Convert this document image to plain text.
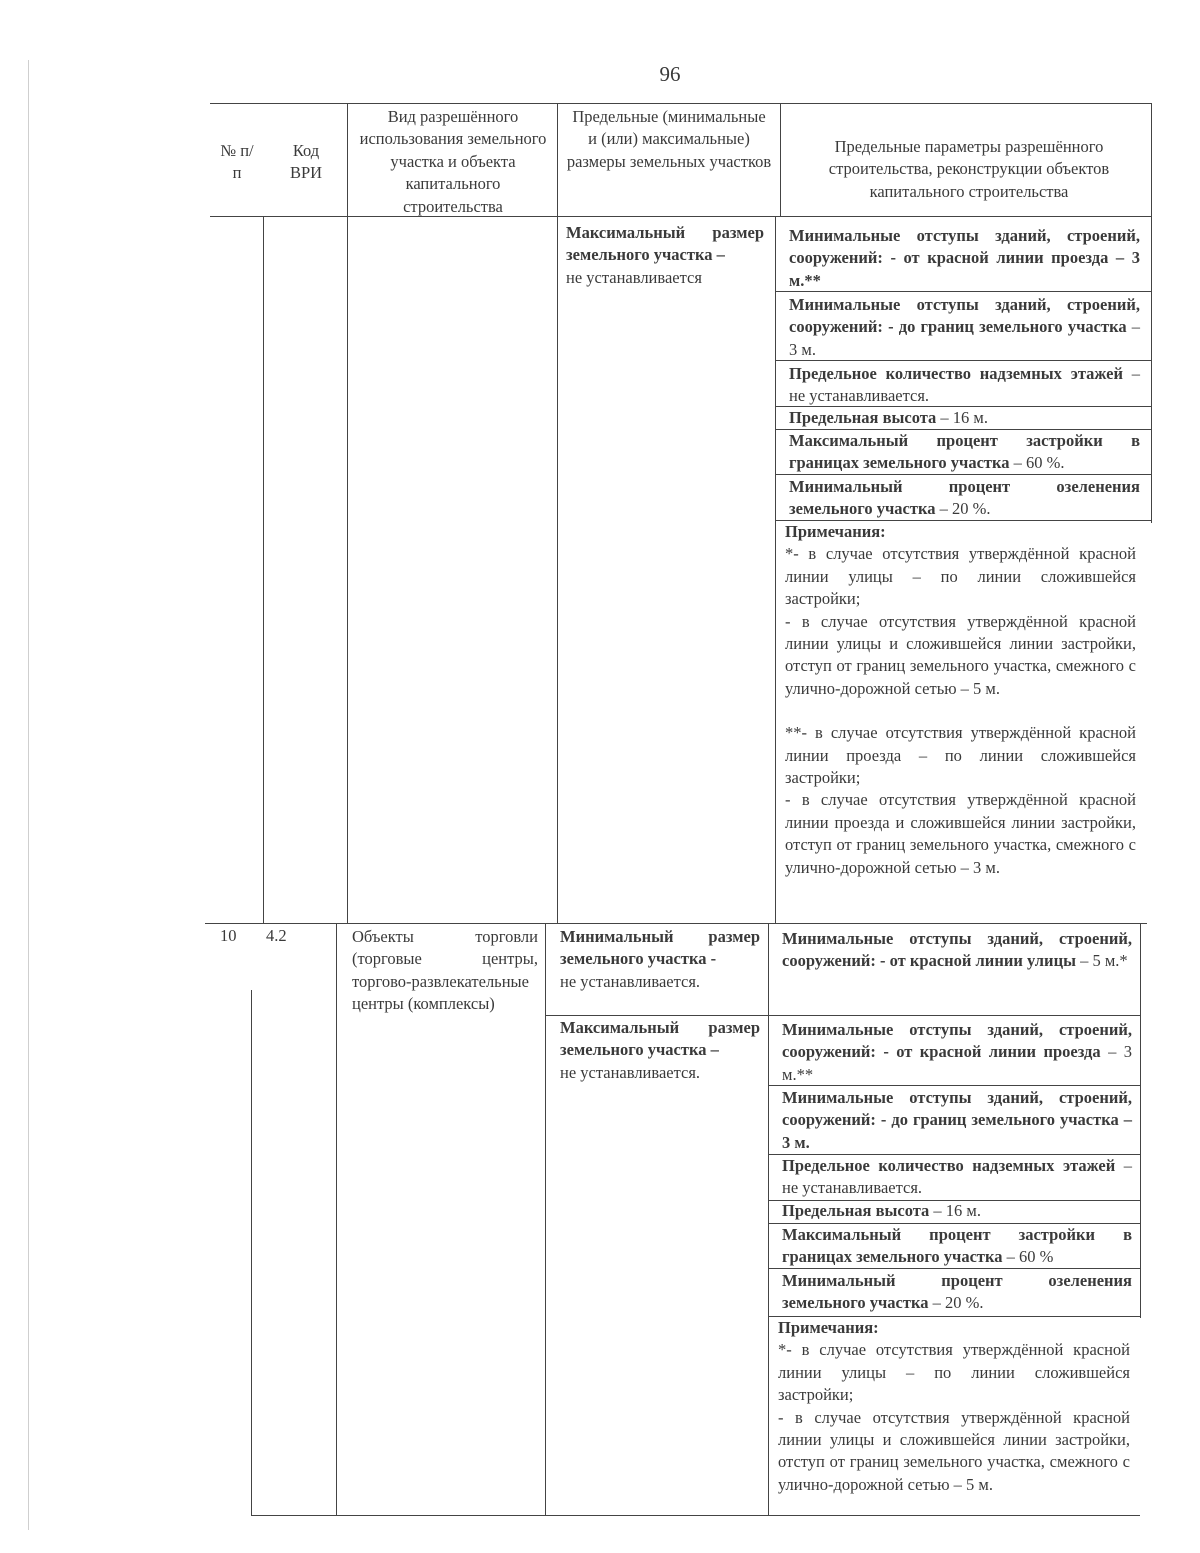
96
№ п/п
Код ВРИ
Вид разрешённого использования земельного участка и объекта капитального строительства
Предельные (минимальные и (или) максимальные) размеры земельных участков
Предельные параметры разрешённого строительства, реконструкции объектов капитального строительства
Максимальный размер земельного участка –
не устанавливается
Минимальные отступы зданий, строений, сооружений: - от красной линии проезда – 3 м.**
Минимальные отступы зданий, строений, сооружений: - до границ земельного участка – 3 м.
Предельное количество надземных этажей – не устанавливается.
Предельная высота – 16 м.
Максимальный процент застройки в границах земельного участка – 60 %.
Минимальный процент озеленения земельного участка – 20 %.
Примечания:

*- в случае отсутствия утверждённой красной линии улицы – по линии сложившейся застройки;

- в случае отсутствия утверждённой красной линии улицы и сложившейся линии застройки, отступ от границ земельного участка, смежного с улично-дорожной сетью – 5 м.

**- в случае отсутствия утверждённой красной линии проезда – по линии сложившейся застройки;

- в случае отсутствия утверждённой красной линии проезда и сложившейся линии застройки, отступ от границ земельного участка, смежного с улично-дорожной сетью – 3 м.

10 4.2	Объекты торговли (торговые центры, торгово-развлекательные центры (комплексы)
Минимальный размер земельного участка -
не устанавливается.
Максимальный размер земельного участка –
не устанавливается.
Минимальные отступы зданий, строений, сооружений: - от красной линии улицы – 5 м.*
Минимальные отступы зданий, строений, сооружений: - от красной линии проезда – 3 м.**
Минимальные отступы зданий, строений, сооружений: - до границ земельного участка – 3 м.
Предельное количество надземных этажей – не устанавливается.
Предельная высота – 16 м.
Максимальный процент застройки в границах земельного участка – 60 %
Минимальный процент озеленения земельного участка – 20 %.
Примечания:

*- в случае отсутствия утверждённой красной линии улицы – по линии сложившейся застройки;

- в случае отсутствия утверждённой красной линии улицы и сложившейся линии застройки, отступ от границ земельного участка, смежного с улично-дорожной сетью – 5 м.
